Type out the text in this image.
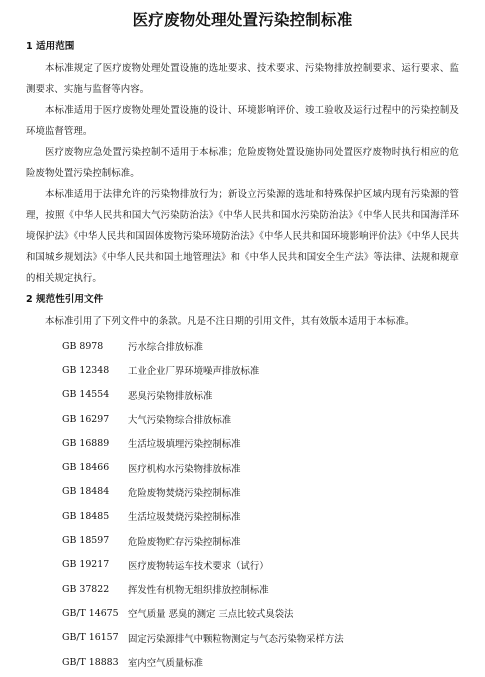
医疗废物处理处置污染控制标准
1 适用范围

本标准规定了医疗废物处理处置设施的选址要求、技术要求、污染物排放控制要求、运行要求、监测要求、实施与监督等内容。

本标准适用于医疗废物处理处置设施的设计、环境影响评价、竣工验收及运行过程中的污染控制及环境监督管理。

医疗废物应急处置污染控制不适用于本标准；危险废物处置设施协同处置医疗废物时执行相应的危险废物处置污染控制标准。

本标准适用于法律允许的污染物排放行为；新设立污染源的选址和特殊保护区域内现有污染源的管理，按照《中华人民共和国大气污染防治法》《中华人民共和国水污染防治法》《中华人民共和国海洋环境保护法》《中华人民共和国固体废物污染环境防治法》《中华人民共和国环境影响评价法》《中华人民共和国城乡规划法》《中华人民共和国土地管理法》和《中华人民共和国安全生产法》等法律、法规和规章的相关规定执行。

2 规范性引用文件

本标准引用了下列文件中的条款。凡是不注日期的引用文件，其有效版本适用于本标准。

GB 8978	污水综合排放标准
GB 12348	工业企业厂界环境噪声排放标准
GB 14554	恶臭污染物排放标准
GB 16297	大气污染物综合排放标准
GB 16889	生活垃圾填埋污染控制标准
GB 18466	医疗机构水污染物排放标准
GB 18484	危险废物焚烧污染控制标准
GB 18485	生活垃圾焚烧污染控制标准
GB 18597	危险废物贮存污染控制标准
GB 19217	医疗废物转运车技术要求（试行）
GB 37822	挥发性有机物无组织排放控制标准
GB/T 14675	空气质量 恶臭的测定 三点比较式臭袋法
GB/T 16157	固定污染源排气中颗粒物测定与气态污染物采样方法
GB/T 18883	室内空气质量标准
